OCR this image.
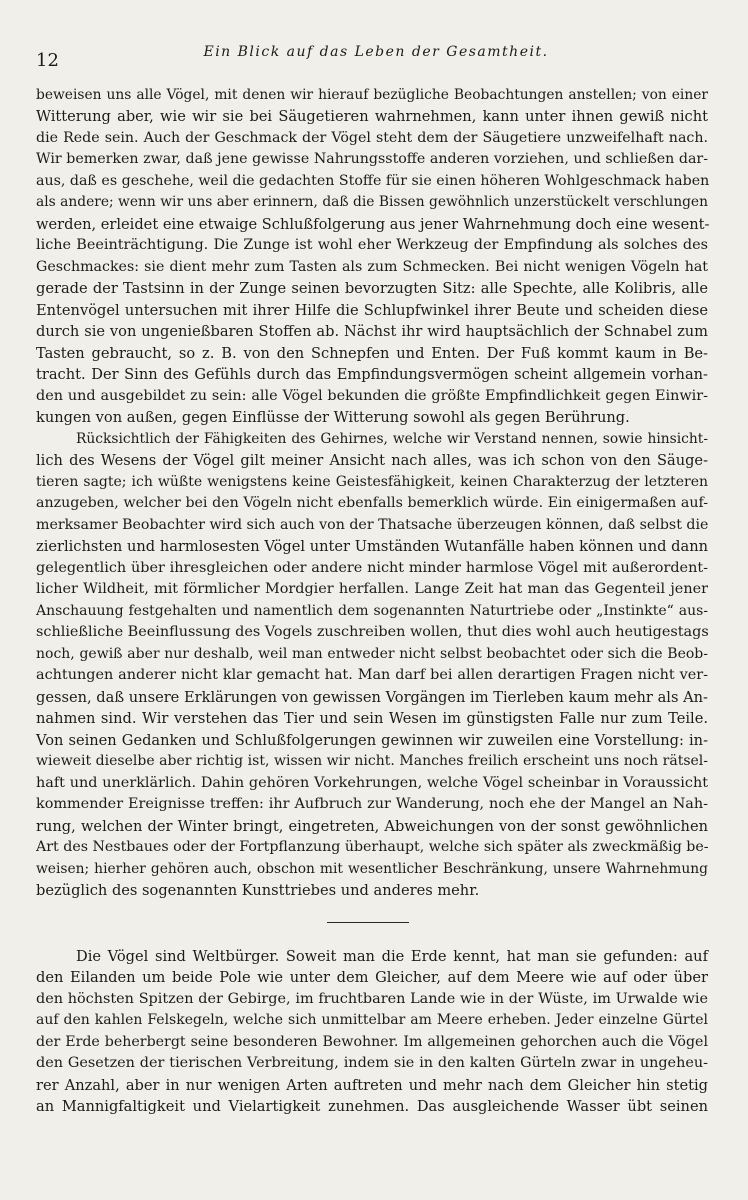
12	Ein Blick auf das Leben der Gesamtheit.
beweisen uns alle Vögel, mit denen wir hierauf bezügliche Beobachtungen anstellen; von einer
Witterung aber, wie wir sie bei Säugetieren wahrnehmen, kann unter ihnen gewiß nicht
die Rede sein. Auch der Geschmack der Vögel steht dem der Säugetiere unzweifelhaft nach.
Wir bemerken zwar, daß jene gewisse Nahrungsstoffe anderen vorziehen, und schließen dar-
aus, daß es geschehe, weil die gedachten Stoffe für sie einen höheren Wohlgeschmack haben
als andere; wenn wir uns aber erinnern, daß die Bissen gewöhnlich unzerstückelt verschlungen
werden, erleidet eine etwaige Schlußfolgerung aus jener Wahrnehmung doch eine wesent-
liche Beeinträchtigung. Die Zunge ist wohl eher Werkzeug der Empfindung als solches des
Geschmackes: sie dient mehr zum Tasten als zum Schmecken. Bei nicht wenigen Vögeln hat
gerade der Tastsinn in der Zunge seinen bevorzugten Sitz: alle Spechte, alle Kolibris, alle
Entenvögel untersuchen mit ihrer Hilfe die Schlupfwinkel ihrer Beute und scheiden diese
durch sie von ungenießbaren Stoffen ab. Nächst ihr wird hauptsächlich der Schnabel zum
Tasten gebraucht, so z. B. von den Schnepfen und Enten. Der Fuß kommt kaum in Be-
tracht. Der Sinn des Gefühls durch das Empfindungsvermögen scheint allgemein vorhan-
den und ausgebildet zu sein: alle Vögel bekunden die größte Empfindlichkeit gegen Einwir-
kungen von außen, gegen Einflüsse der Witterung sowohl als gegen Berührung.
Rücksichtlich der Fähigkeiten des Gehirnes, welche wir Verstand nennen, sowie hinsicht-
lich des Wesens der Vögel gilt meiner Ansicht nach alles, was ich schon von den Säuge-
tieren sagte; ich wüßte wenigstens keine Geistesfähigkeit, keinen Charakterzug der letzteren
anzugeben, welcher bei den Vögeln nicht ebenfalls bemerklich würde. Ein einigermaßen auf-
merksamer Beobachter wird sich auch von der Thatsache überzeugen können, daß selbst die
zierlichsten und harmlosesten Vögel unter Umständen Wutanfälle haben können und dann
gelegentlich über ihresgleichen oder andere nicht minder harmlose Vögel mit außerordent-
licher Wildheit, mit förmlicher Mordgier herfallen. Lange Zeit hat man das Gegenteil jener
Anschauung festgehalten und namentlich dem sogenannten Naturtriebe oder „Instinkte“ aus-
schließliche Beeinflussung des Vogels zuschreiben wollen, thut dies wohl auch heutigestags
noch, gewiß aber nur deshalb, weil man entweder nicht selbst beobachtet oder sich die Beob-
achtungen anderer nicht klar gemacht hat. Man darf bei allen derartigen Fragen nicht ver-
gessen, daß unsere Erklärungen von gewissen Vorgängen im Tierleben kaum mehr als An-
nahmen sind. Wir verstehen das Tier und sein Wesen im günstigsten Falle nur zum Teile.
Von seinen Gedanken und Schlußfolgerungen gewinnen wir zuweilen eine Vorstellung: in-
wieweit dieselbe aber richtig ist, wissen wir nicht. Manches freilich erscheint uns noch rätsel-
haft und unerklärlich. Dahin gehören Vorkehrungen, welche Vögel scheinbar in Voraussicht
kommender Ereignisse treffen: ihr Aufbruch zur Wanderung, noch ehe der Mangel an Nah-
rung, welchen der Winter bringt, eingetreten, Abweichungen von der sonst gewöhnlichen
Art des Nestbaues oder der Fortpflanzung überhaupt, welche sich später als zweckmäßig be-
weisen; hierher gehören auch, obschon mit wesentlicher Beschränkung, unsere Wahrnehmung
bezüglich des sogenannten Kunsttriebes und anderes mehr.
Die Vögel sind Weltbürger. Soweit man die Erde kennt, hat man sie gefunden: auf
den Eilanden um beide Pole wie unter dem Gleicher, auf dem Meere wie auf oder über
den höchsten Spitzen der Gebirge, im fruchtbaren Lande wie in der Wüste, im Urwalde wie
auf den kahlen Felskegeln, welche sich unmittelbar am Meere erheben. Jeder einzelne Gürtel
der Erde beherbergt seine besonderen Bewohner. Im allgemeinen gehorchen auch die Vögel
den Gesetzen der tierischen Verbreitung, indem sie in den kalten Gürteln zwar in ungeheu-
rer Anzahl, aber in nur wenigen Arten auftreten und mehr nach dem Gleicher hin stetig
an Mannigfaltigkeit und Vielartigkeit zunehmen. Das ausgleichende Wasser übt seinen
